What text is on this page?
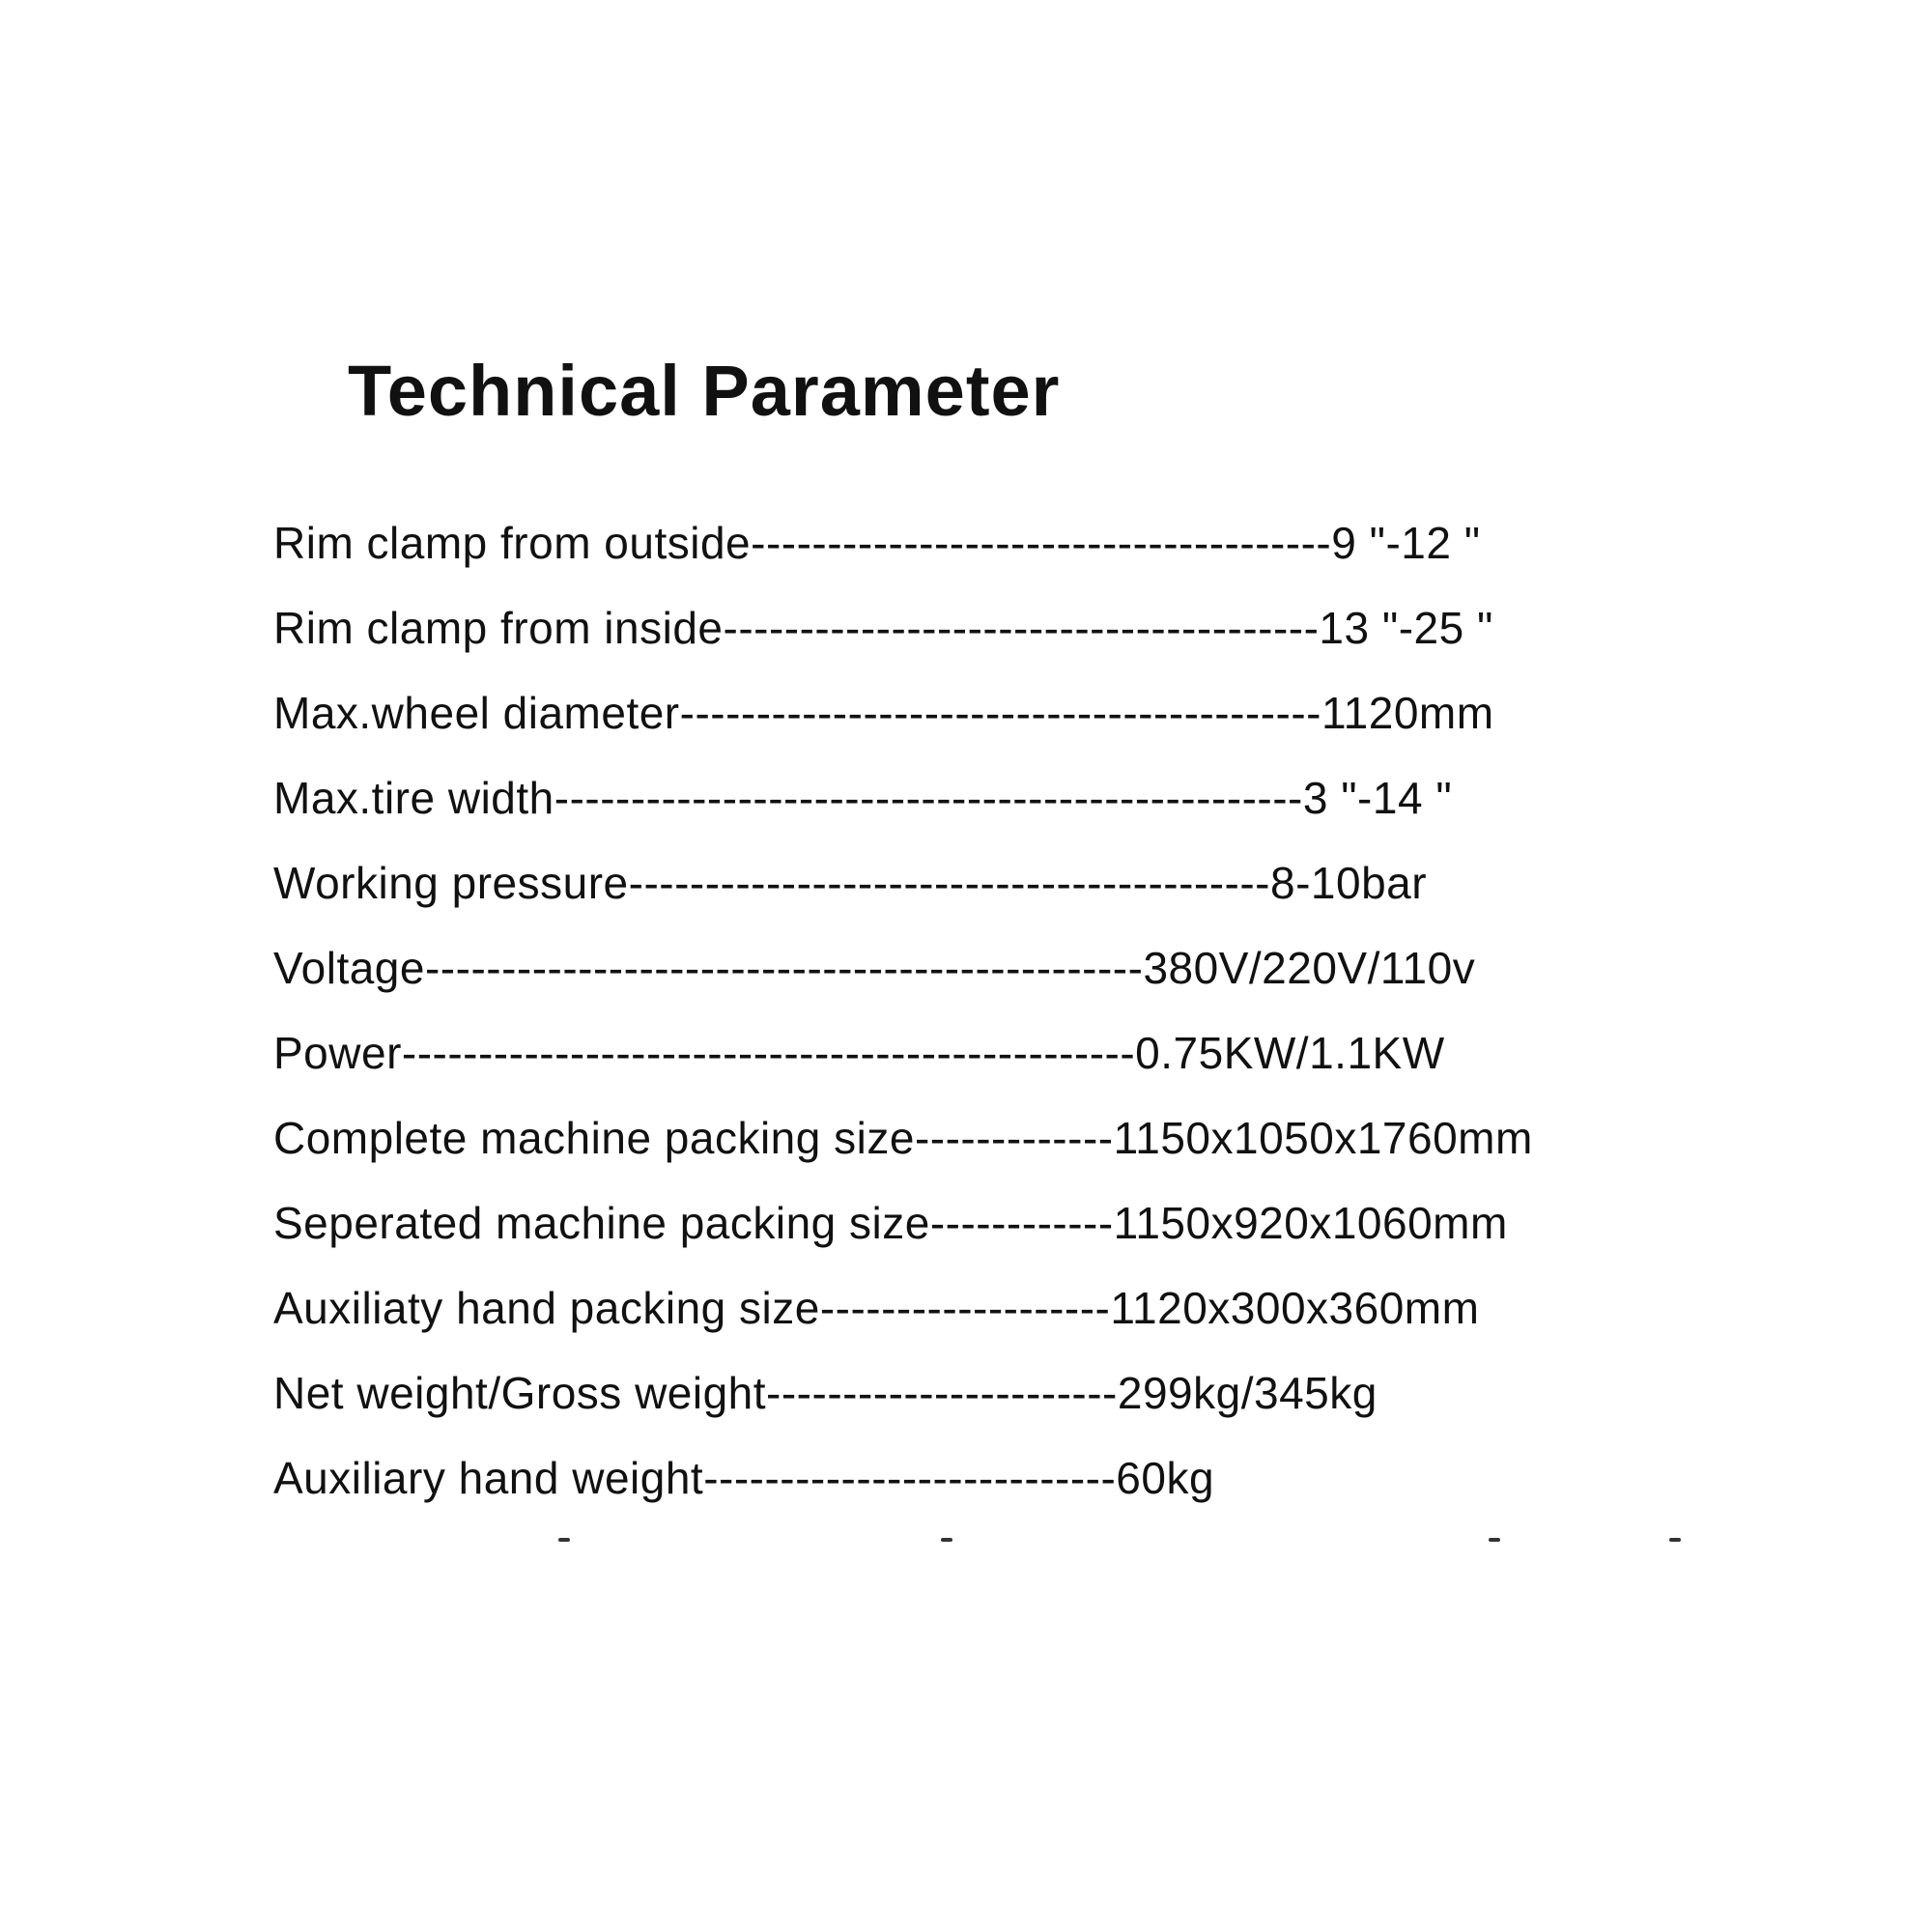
Technical Parameter
Rim clamp from outside--------------------------------------9 "-12 "
Rim clamp from inside---------------------------------------13 "-25 "
Max.wheel diameter------------------------------------------1120mm
Max.tire width-------------------------------------------------3 "-14 "
Working pressure------------------------------------------8-10bar
Voltage-----------------------------------------------380V/220V/110v
Power------------------------------------------------0.75KW/1.1KW
Complete machine packing size-------------1150x1050x1760mm
Seperated machine packing size------------1150x920x1060mm
Auxiliaty hand packing size-------------------1120x300x360mm
Net weight/Gross weight-----------------------299kg/345kg
Auxiliary hand weight---------------------------60kg
